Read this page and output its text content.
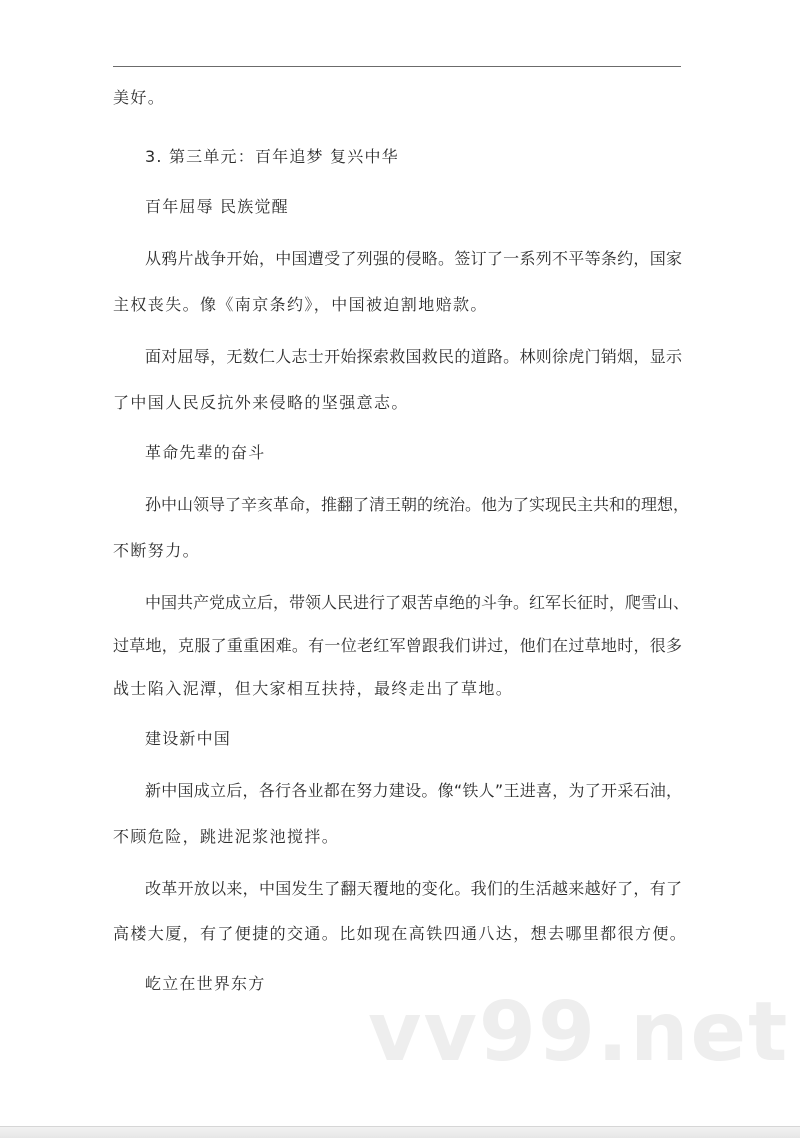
美好。
3. 第三单元：百年追梦 复兴中华
百年屈辱 民族觉醒
从鸦片战争开始，中国遭受了列强的侵略。签订了一系列不平等条约，国家
主权丧失。像《南京条约》，中国被迫割地赔款。
面对屈辱，无数仁人志士开始探索救国救民的道路。林则徐虎门销烟，显示
了中国人民反抗外来侵略的坚强意志。
革命先辈的奋斗
孙中山领导了辛亥革命，推翻了清王朝的统治。他为了实现民主共和的理想，
不断努力。
中国共产党成立后，带领人民进行了艰苦卓绝的斗争。红军长征时，爬雪山、
过草地，克服了重重困难。有一位老红军曾跟我们讲过，他们在过草地时，很多
战士陷入泥潭，但大家相互扶持，最终走出了草地。
建设新中国
新中国成立后，各行各业都在努力建设。像“铁人”王进喜，为了开采石油，
不顾危险，跳进泥浆池搅拌。
改革开放以来，中国发生了翻天覆地的变化。我们的生活越来越好了，有了
高楼大厦，有了便捷的交通。比如现在高铁四通八达，想去哪里都很方便。
屹立在世界东方
vv99.net
